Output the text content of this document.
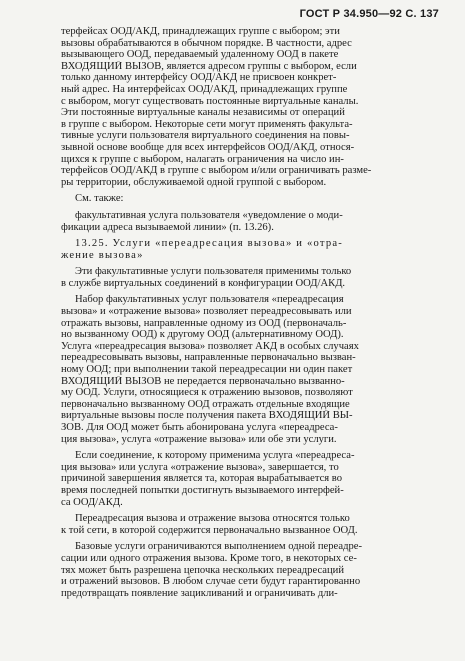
ГОСТ Р 34.950—92 С. 137
терфейсах ООД/АКД, принадлежащих группе с выбором; эти
вызовы обрабатываются в обычном порядке. В частности, адрес
вызывающего ООД, передаваемый удаленному ООД в пакете
ВХОДЯЩИЙ ВЫЗОВ, является адресом группы с выбором, если
только данному интерфейсу ООД/АКД не присвоен конкрет-
ный адрес. На интерфейсах ООД/АКД, принадлежащих группе
с выбором, могут существовать постоянные виртуальные каналы.
Эти постоянные виртуальные каналы независимы от операций
в группе с выбором. Некоторые сети могут применять факульта-
тивные услуги пользователя виртуального соединения на повы-
зывной основе вообще для всех интерфейсов ООД/АКД, относя-
щихся к группе с выбором, налагать ограничения на число ин-
терфейсов ООД/АКД в группе с выбором и/или ограничивать разме-
ры территории, обслуживаемой одной группой с выбором.
См. также:
факультативная услуга пользователя «уведомление о моди-
фикации адреса вызываемой линии» (п. 13.26).
13.25. Услуги «переадресация вызова» и «отра-
жение вызова»
Эти факультативные услуги пользователя применимы только
в службе виртуальных соединений в конфигурации ООД/АКД.
Набор факультативных услуг пользователя «переадресация
вызова» и «отражение вызова» позволяет переадресовывать или
отражать вызовы, направленные одному из ООД (первоначаль-
но вызванному ООД) к другому ООД (альтернативному ООД).
Услуга «переадресация вызова» позволяет АКД в особых случаях
переадресовывать вызовы, направленные первоначально вызван-
ному ООД; при выполнении такой переадресации ни один пакет
ВХОДЯЩИЙ ВЫЗОВ не передается первоначально вызванно-
му ООД. Услуги, относящиеся к отражению вызовов, позволяют
первоначально вызванному ООД отражать отдельные входящие
виртуальные вызовы после получения пакета ВХОДЯЩИЙ ВЫ-
ЗОВ. Для ООД может быть абонирована услуга «переадреса-
ция вызова», услуга «отражение вызова» или обе эти услуги.
Если соединение, к которому применима услуга «переадреса-
ция вызова» или услуга «отражение вызова», завершается, то
причиной завершения является та, которая вырабатывается во
время последней попытки достигнуть вызываемого интерфей-
са ООД/АКД.
Переадресация вызова и отражение вызова относятся только
к той сети, в которой содержится первоначально вызванное ООД.
Базовые услуги ограничиваются выполнением одной переадре-
сации или одного отражения вызова. Кроме того, в некоторых се-
тях может быть разрешена цепочка нескольких переадресаций
и отражений вызовов. В любом случае сети будут гарантированно
предотвращать появление зацикливаний и ограничивать дли-
